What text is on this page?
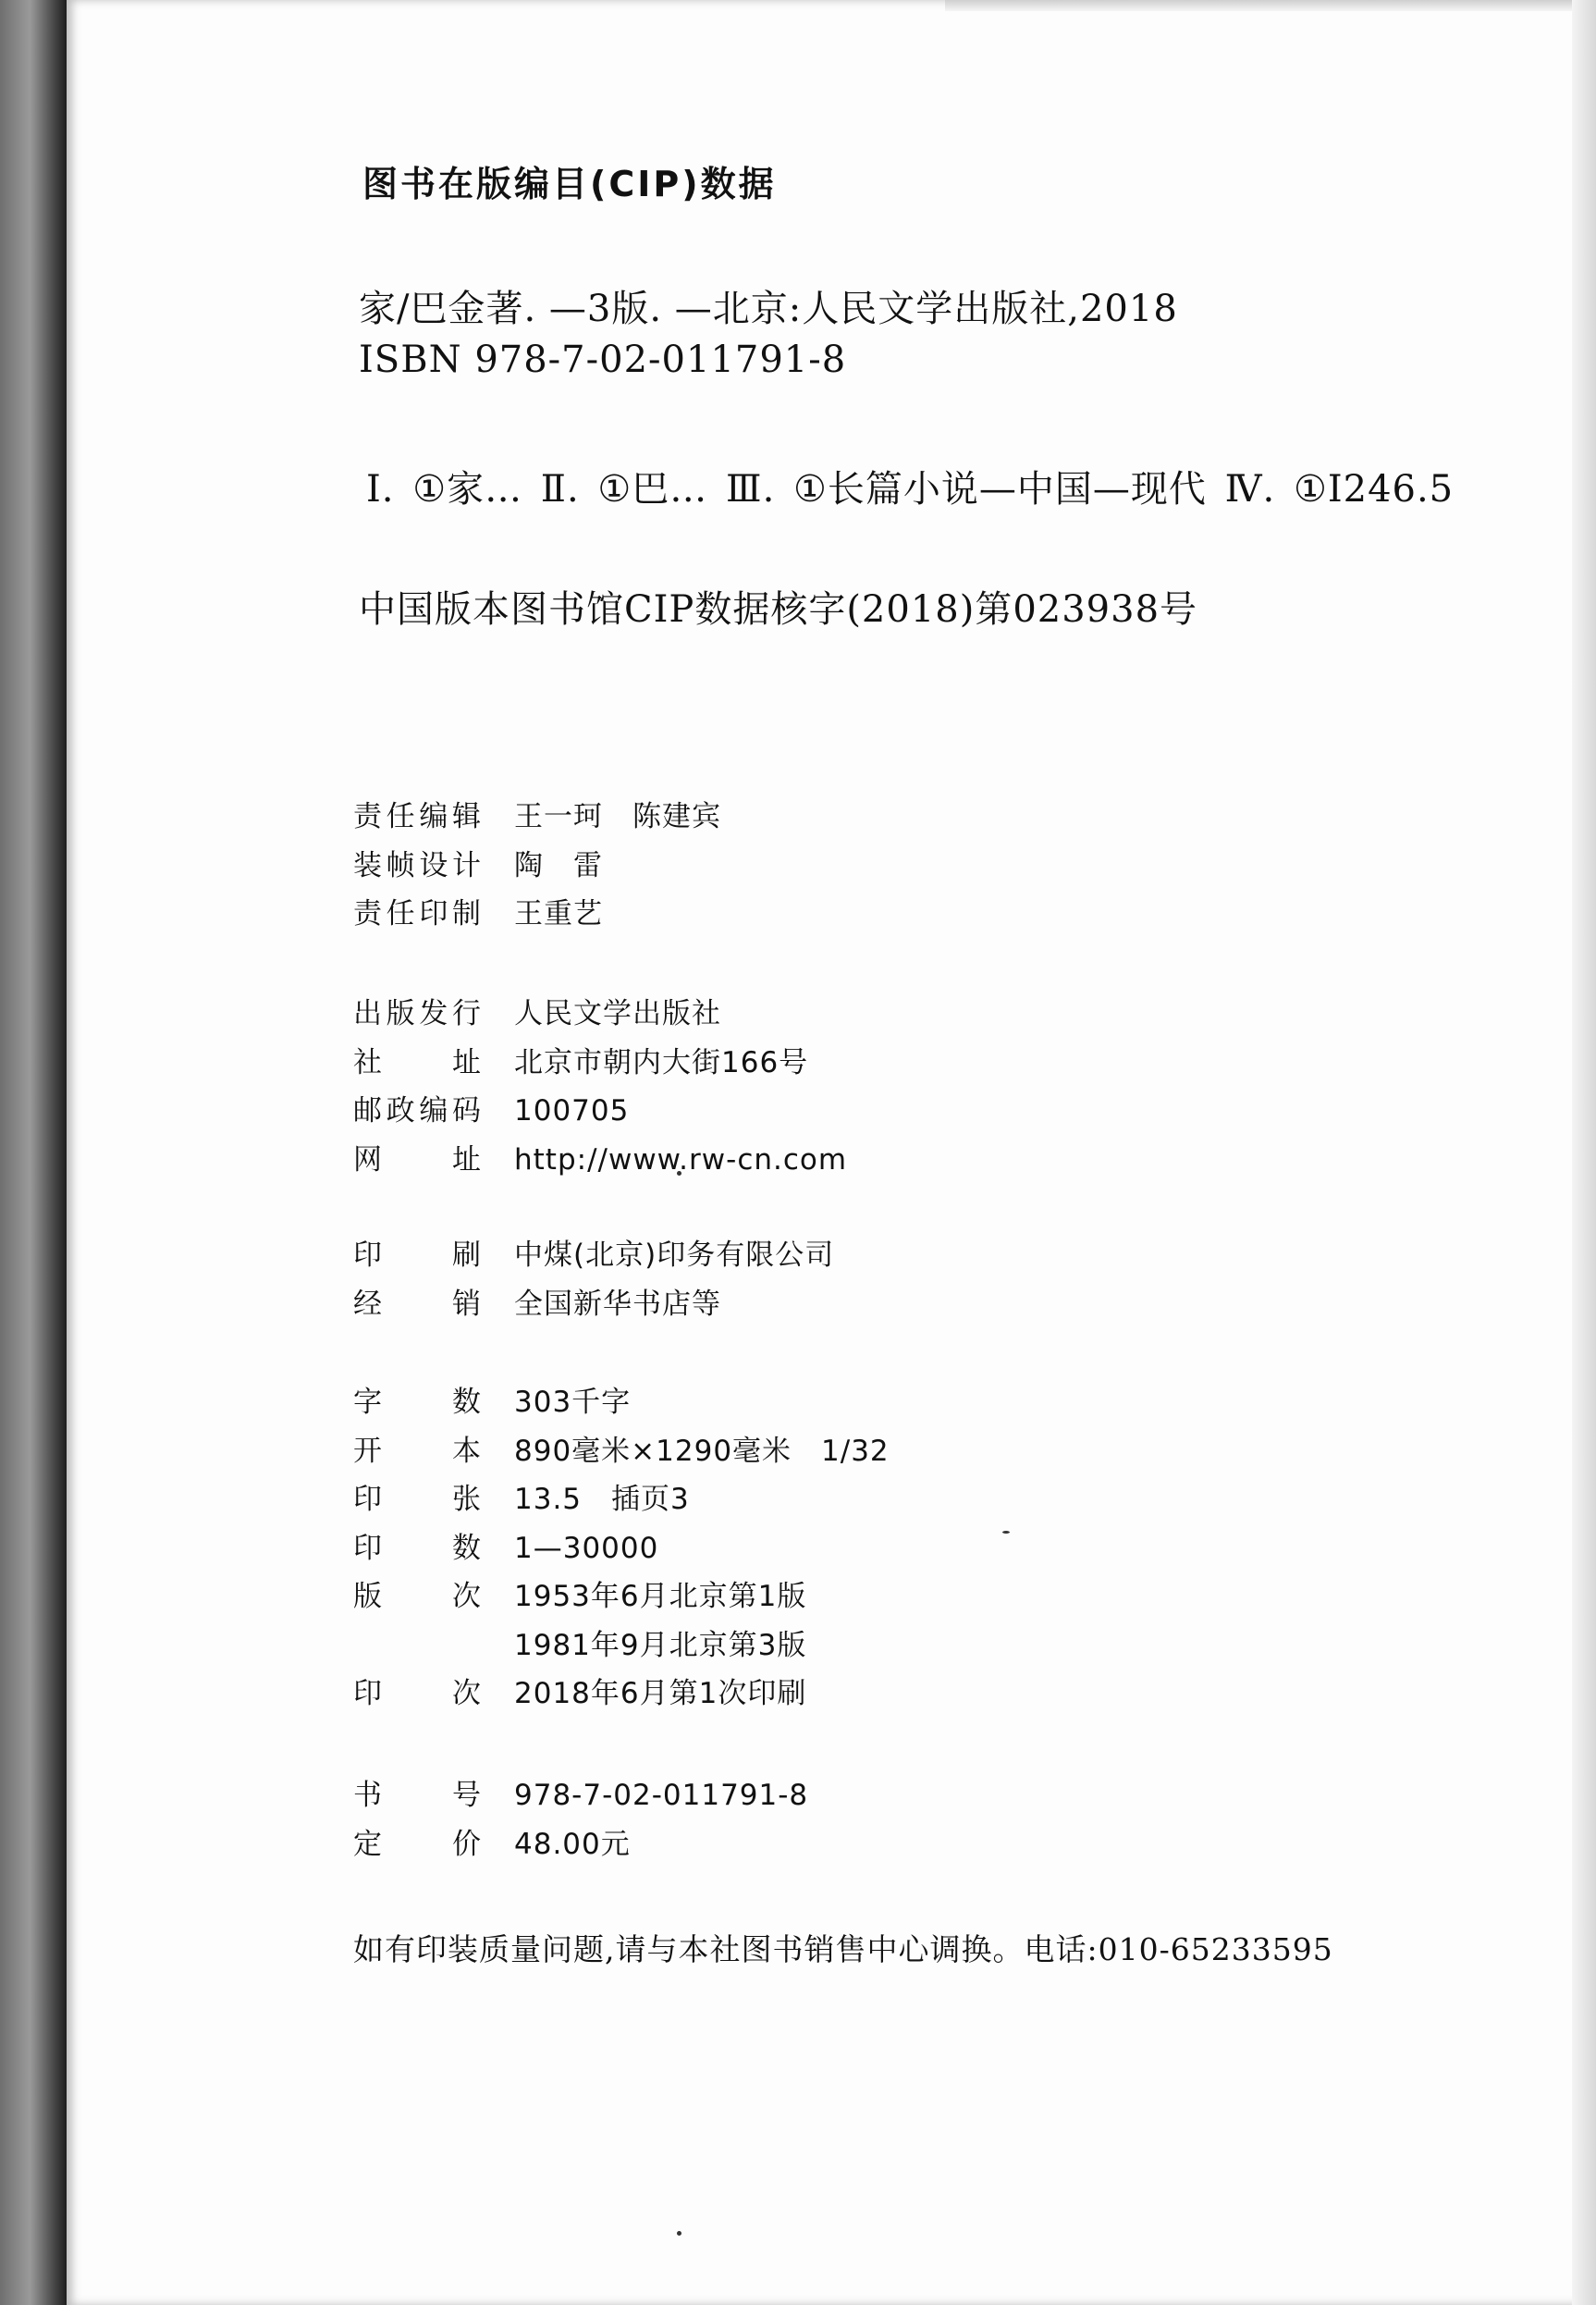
图书在版编目(CIP)数据
家/巴金著. —3版. —北京:人民文学出版社,2018
ISBN 978-7-02-011791-8
Ⅰ. ①家… Ⅱ. ①巴… Ⅲ. ①长篇小说—中国—现代 Ⅳ. ①I246.5
中国版本图书馆CIP数据核字(2018)第023938号
责任编辑 王一珂　陈建宾
装帧设计 陶　雷
责任印制 王重艺
出版发行 人民文学出版社
社址 北京市朝内大街166号
邮政编码 100705
网址 http://www.rw-cn.com
印刷 中煤(北京)印务有限公司
经销 全国新华书店等
字数 303千字
开本 890毫米×1290毫米　1/32
印张 13.5　插页3
印数 1—30000
版次 1953年6月北京第1版
1981年9月北京第3版
印次 2018年6月第1次印刷
书号 978-7-02-011791-8
定价 48.00元
如有印装质量问题,请与本社图书销售中心调换。电话:010-65233595
